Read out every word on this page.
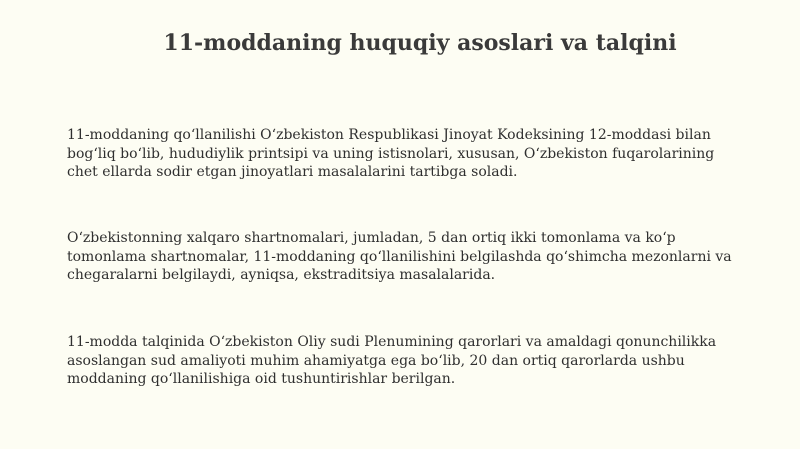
11-moddaning huquqiy asoslari va talqini

11-moddaning qo‘llanilishi O‘zbekiston Respublikasi Jinoyat Kodeksining 12-moddasi bilan
bog‘liq bo‘lib, hududiylik printsipi va uning istisnolari, xususan, O‘zbekiston fuqarolarining
chet ellarda sodir etgan jinoyatlari masalalarini tartibga soladi.

O‘zbekistonning xalqaro shartnomalari, jumladan, 5 dan ortiq ikki tomonlama va ko‘p
tomonlama shartnomalar, 11-moddaning qo‘llanilishini belgilashda qo‘shimcha mezonlarni va
chegaralarni belgilaydi, ayniqsa, ekstraditsiya masalalarida.

11-modda talqinida O‘zbekiston Oliy sudi Plenumining qarorlari va amaldagi qonunchilikka
asoslangan sud amaliyoti muhim ahamiyatga ega bo‘lib, 20 dan ortiq qarorlarda ushbu
moddaning qo‘llanilishiga oid tushuntirishlar berilgan.
